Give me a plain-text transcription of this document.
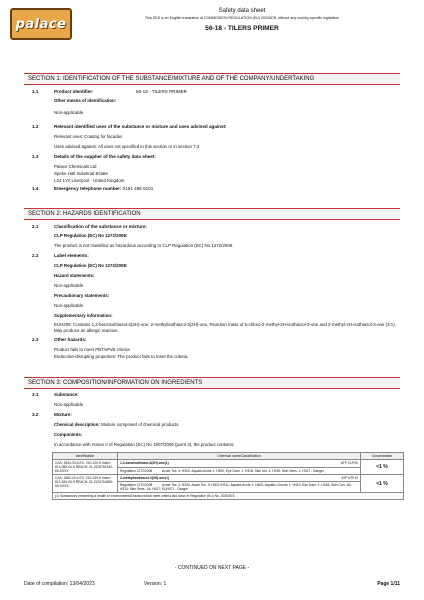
palace
Safety data sheet
This SDS is an English translation of COMMISSION REGULATION (EU) 2020/878, without any country-specific legislation
56-18 - TILERS PRIMER
SECTION 1: IDENTIFICATION OF THE SUBSTANCE/MIXTURE AND OF THE COMPANY/UNDERTAKING
1.1	Product identifier:	56-18 - TILERS PRIMER
Other means of identification:
Non-applicable
1.2	Relevant identified uses of the substance or mixture and uses advised against:
Relevant uses: Coating for facades
Uses advised against: All uses not specified in this section or in section 7.3
1.3	Details of the supplier of the safety data sheet:
Palace Chemicals Ltd
Speke Hall Industrial Estate
L24 1YA Liverpool - United Kingdom
1.4	Emergency telephone number: 0151 486 6101
SECTION 2: HAZARDS IDENTIFICATION
2.1	Classification of the substance or mixture:
CLP Regulation (EC) No 1272/2008:
The product is not classified as hazardous according to CLP Regulation (EC) No 1272/2008.
2.2	Label elements:
CLP Regulation (EC) No 1272/2008:
Hazard statements:
Non-applicable
Precautionary statements:
Non-applicable
Supplementary information:
EUH208: Contains 1,2-benzisothiazol-3(2H)-one, 2-methylisothiazol-3(2H)-one, Reaction mass of 5-chloro-2-methyl-2H-isothiazol-3-one and 2-methyl-2H-isothiazol-3-one (3:1). May produce an allergic reaction.
2.3	Other hazards:
Product fails to meet PBT/vPvB criteria
Endocrine-disrupting properties: The product fails to meet the criteria.
SECTION 3: COMPOSITION/INFORMATION ON INGREDIENTS
3.1	Substance:
Non-applicable
3.2	Mixture:
Chemical description: Mixture composed of chemical products
Components:
In accordance with Annex II of Regulation (EC) No 1907/2006 (point 3), the product contains:
Identification	Chemical name/Classification	Concentration
CAS: 2634-33-5 EC: 220-120-9 Index: 613-088-00-6 REACH: 01-2120761540-60-XXXX	1,2-benzisothiazol-3(2H)-one(1) ATP CLP00	<1 %
	Regulation 1272/2008 Acute Tox. 4: H302; Aquatic Acute 1: H400; Eye Dam. 1: H318; Skin Irrit. 2: H315; Skin Sens. 1: H317 - Danger	
CAS: 2682-20-4 EC: 220-239-6 Index: 613-326-00-9 REACH: 01-2120764690-50-XXXX	2-methylisothiazol-3(2H)-one(1) ATP ATP13	<1 %
	Regulation 1272/2008 Acute Tox. 2: H330; Acute Tox. 3: H301+H311; Aquatic Acute 1: H400; Aquatic Chronic 1: H410; Eye Dam. 1: H318; Skin Corr. 1B: H314; Skin Sens. 1A: H317; EUH071 - Danger	
(1) Substances presenting a health or environmental hazard which meet criteria laid down in Regulation (EU) No. 2020/878		
- CONTINUED ON NEXT PAGE -
Date of compilation: 13/04/2023	Version: 1	Page 1/11
